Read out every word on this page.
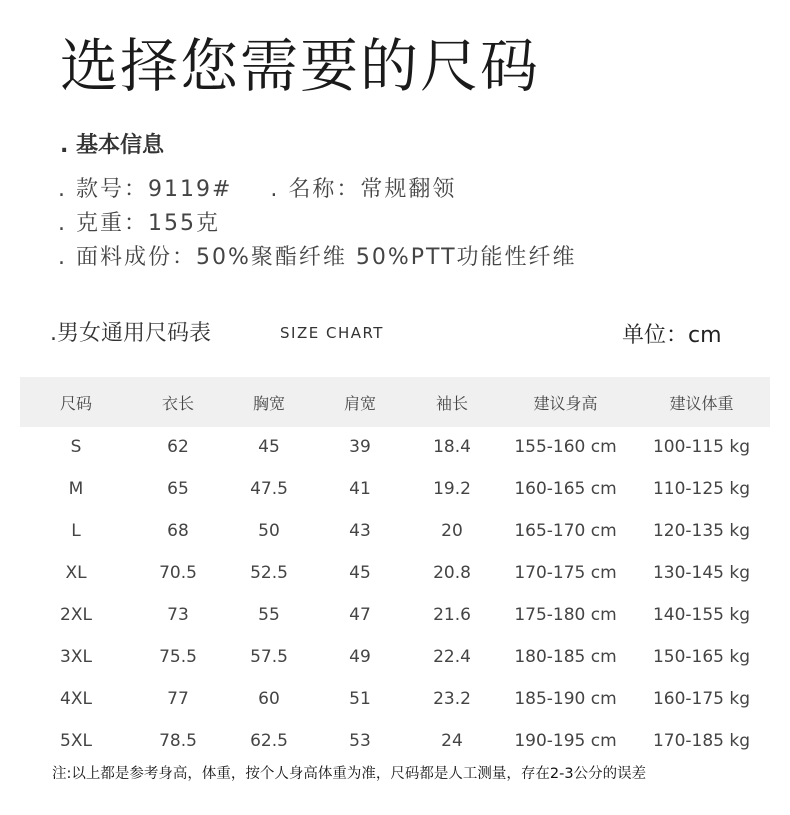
选择您需要的尺码
. 基本信息
. 款号：9119# . 名称：常规翻领
. 克重：155克
. 面料成份：50%聚酯纤维 50%PTT功能性纤维
.男女通用尺码表	SIZE CHART	单位：cm
尺码	衣长	胸宽	肩宽	袖长	建议身高	建议体重
S	62	45	39	18.4	155-160 cm	100-115 kg
M	65	47.5	41	19.2	160-165 cm	110-125 kg
L	68	50	43	20	165-170 cm	120-135 kg
XL	70.5	52.5	45	20.8	170-175 cm	130-145 kg
2XL	73	55	47	21.6	175-180 cm	140-155 kg
3XL	75.5	57.5	49	22.4	180-185 cm	150-165 kg
4XL	77	60	51	23.2	185-190 cm	160-175 kg
5XL	78.5	62.5	53	24	190-195 cm	170-185 kg
注:以上都是参考身高，体重，按个人身高体重为准，尺码都是人工测量，存在2-3公分的误差
